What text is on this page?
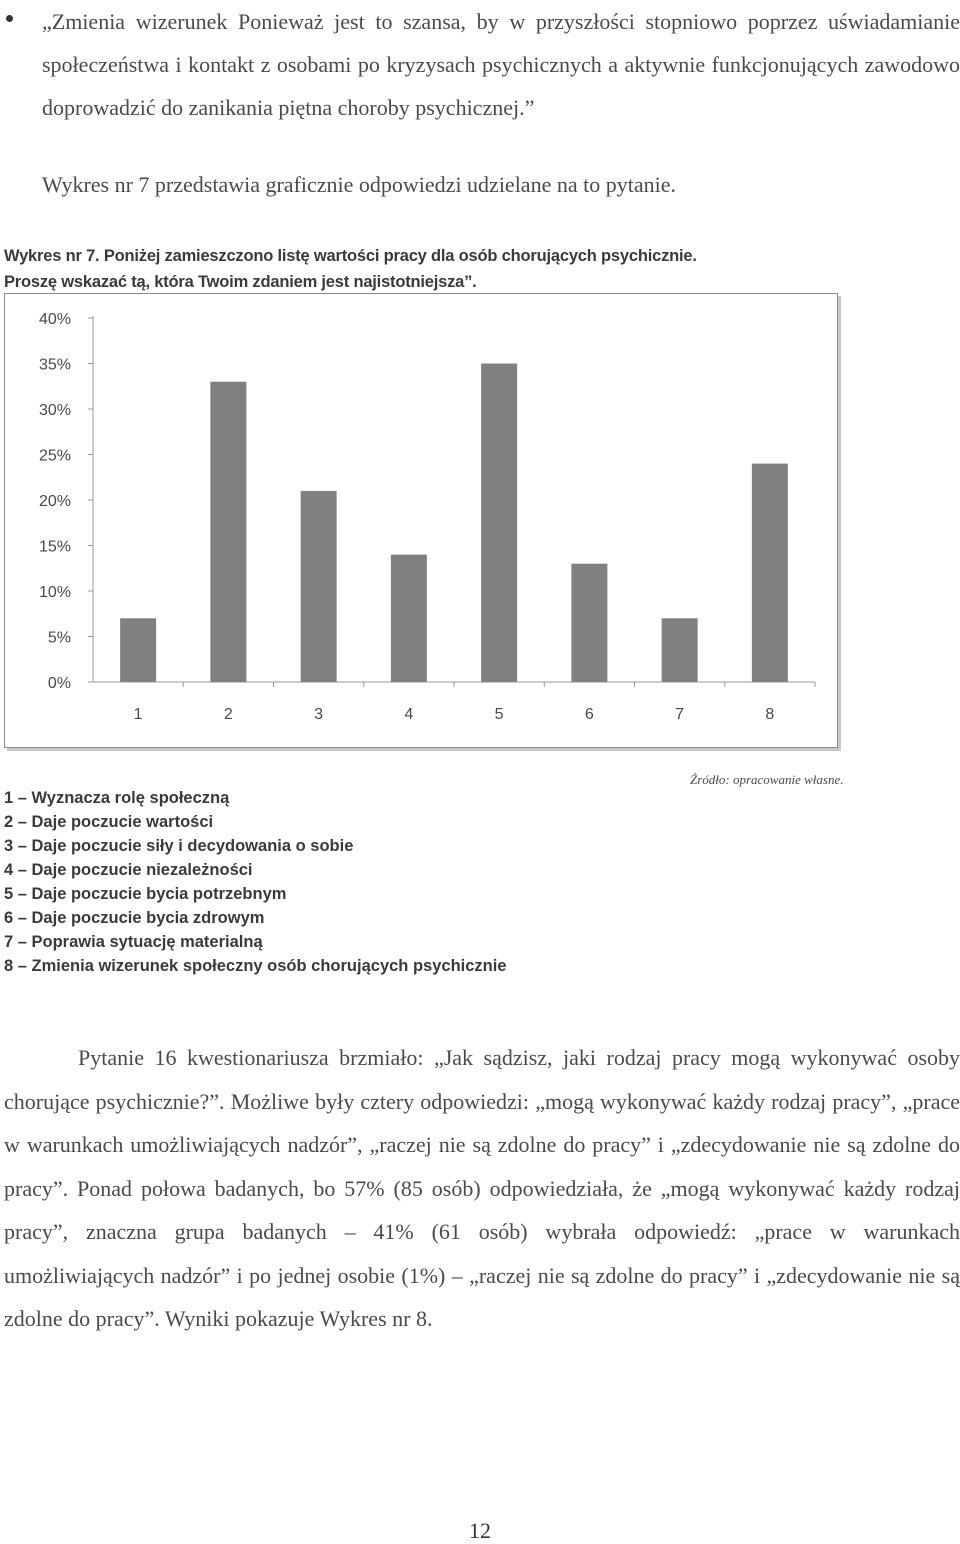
„Zmienia wizerunek Ponieważ jest to szansa, by w przyszłości stopniowo poprzez uświadamianie społeczeństwa i kontakt z osobami po kryzysach psychicznych a aktywnie funkcjonujących zawodowo doprowadzić do zanikania piętna choroby psychicznej.”
Wykres nr 7 przedstawia graficznie odpowiedzi udzielane na to pytanie.
Wykres nr 7. Poniżej zamieszczono listę wartości pracy dla osób chorujących psychicznie.
Proszę wskazać tą, która Twoim zdaniem jest najistotniejsza”.
0%
5%
10%
15%
20%
25%
30%
35%
40%
1	2	3	4	5	6	7	8
Źródło: opracowanie własne.
1 – Wyznacza rolę społeczną
2 – Daje poczucie wartości
3 – Daje poczucie siły i decydowania o sobie
4 – Daje poczucie niezależności
5 – Daje poczucie bycia potrzebnym
6 – Daje poczucie bycia zdrowym
7 – Poprawia sytuację materialną
8 – Zmienia wizerunek społeczny osób chorujących psychicznie
Pytanie 16 kwestionariusza brzmiało: „Jak sądzisz, jaki rodzaj pracy mogą wykonywać osoby chorujące psychicznie?”. Możliwe były cztery odpowiedzi: „mogą wykonywać każdy rodzaj pracy”, „prace w warunkach umożliwiających nadzór”, „raczej nie są zdolne do pracy” i „zdecydowanie nie są zdolne do pracy”. Ponad połowa badanych, bo 57% (85 osób) odpowiedziała, że „mogą wykonywać każdy rodzaj pracy”, znaczna grupa badanych – 41% (61 osób) wybrała odpowiedź: „prace w warunkach umożliwiających nadzór” i po jednej osobie (1%) – „raczej nie są zdolne do pracy” i „zdecydowanie nie są zdolne do pracy”. Wyniki pokazuje Wykres nr 8.
12
